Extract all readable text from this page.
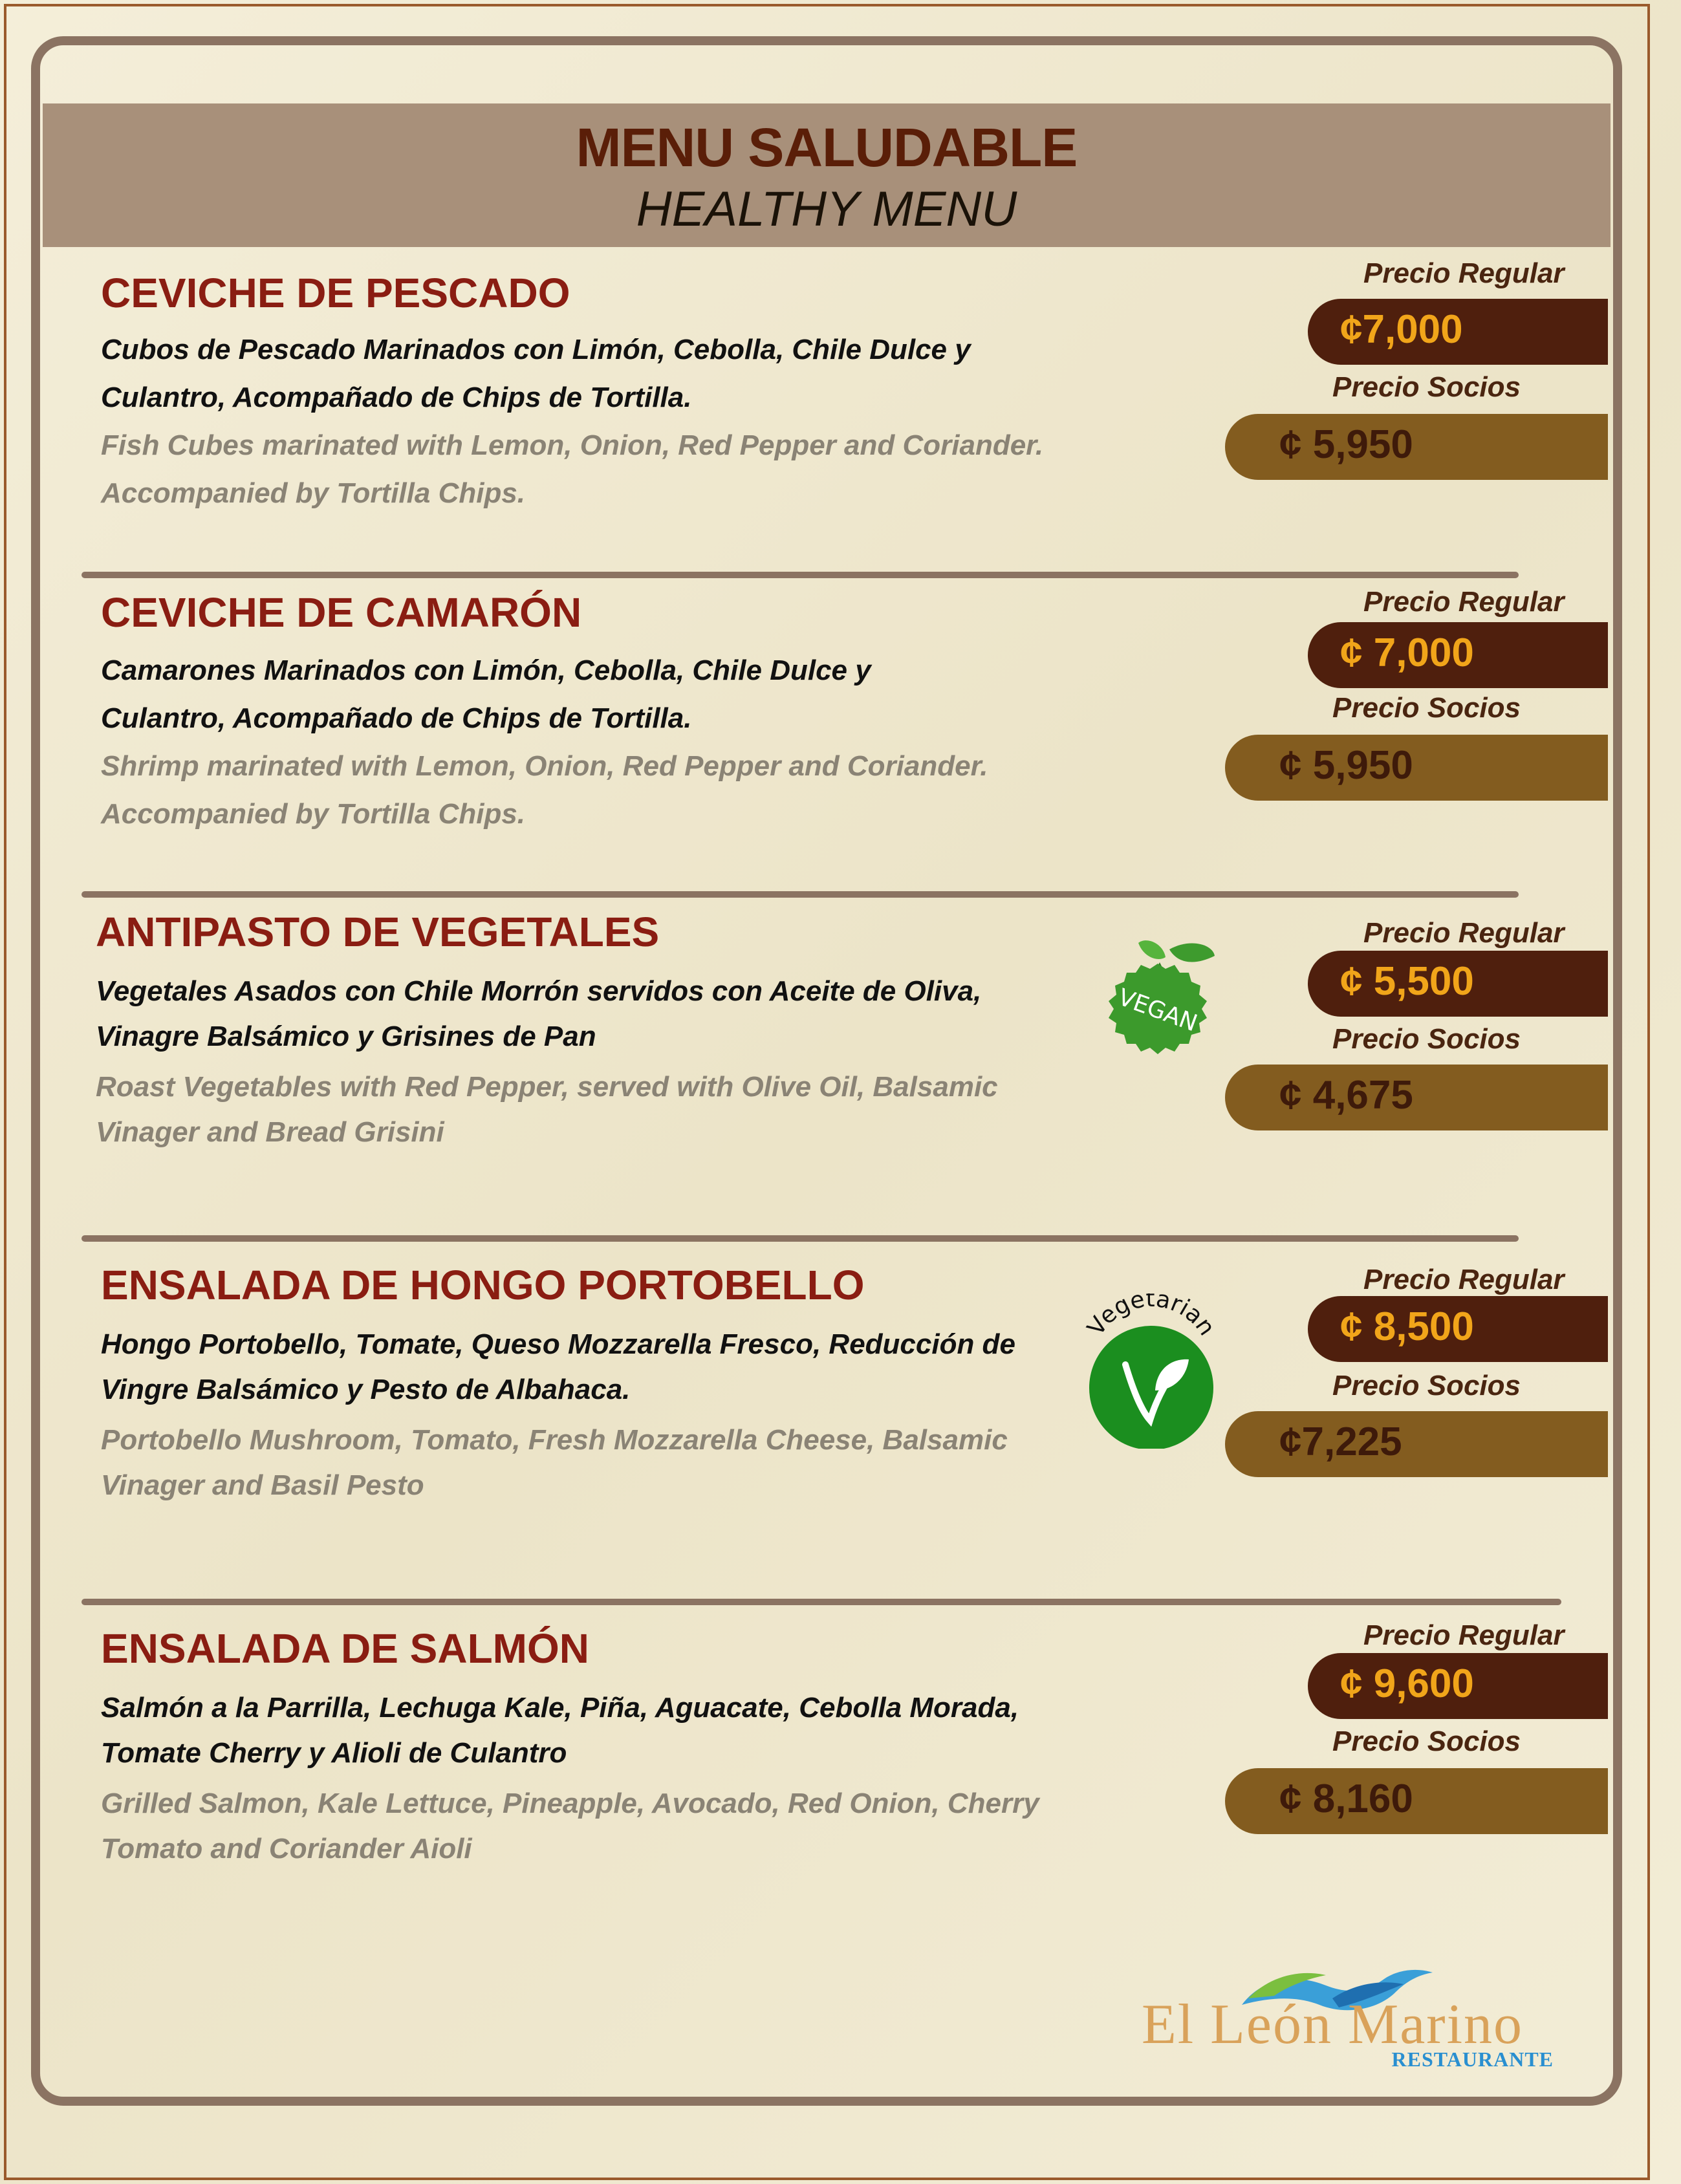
MENU SALUDABLE
HEALTHY MENU
CEVICHE DE PESCADO
Cubos de Pescado Marinados con Limón, Cebolla, Chile Dulce y
Culantro, Acompañado de Chips de Tortilla.
Fish Cubes marinated with Lemon, Onion, Red Pepper and Coriander.
Accompanied by Tortilla Chips.
Precio Regular
¢7,000
Precio Socios
¢ 5,950
CEVICHE DE CAMARÓN
Camarones Marinados con Limón, Cebolla, Chile Dulce y
Culantro, Acompañado de Chips de Tortilla.
Shrimp marinated with Lemon, Onion, Red Pepper and Coriander.
Accompanied by Tortilla Chips.
Precio Regular
¢ 7,000
Precio Socios
¢ 5,950
ANTIPASTO DE VEGETALES
Vegetales Asados con Chile Morrón servidos con Aceite de Oliva,
Vinagre Balsámico y Grisines de Pan
Roast Vegetables with Red Pepper, served with Olive Oil, Balsamic
Vinager and Bread Grisini
VEGAN
Precio Regular
¢ 5,500
Precio Socios
¢ 4,675
ENSALADA DE HONGO PORTOBELLO
Hongo Portobello, Tomate, Queso Mozzarella Fresco, Reducción de
Vingre Balsámico y Pesto de Albahaca.
Portobello Mushroom, Tomato, Fresh Mozzarella Cheese, Balsamic
Vinager and Basil Pesto
Vegetarian
Precio Regular
¢ 8,500
Precio Socios
¢7,225
ENSALADA DE SALMÓN
Salmón a la Parrilla, Lechuga Kale, Piña, Aguacate, Cebolla Morada,
Tomate Cherry y Alioli de Culantro
Grilled Salmon, Kale Lettuce, Pineapple, Avocado, Red Onion, Cherry
Tomato and Coriander Aioli
Precio Regular
¢ 9,600
Precio Socios
¢ 8,160
El León Marino
RESTAURANTE
